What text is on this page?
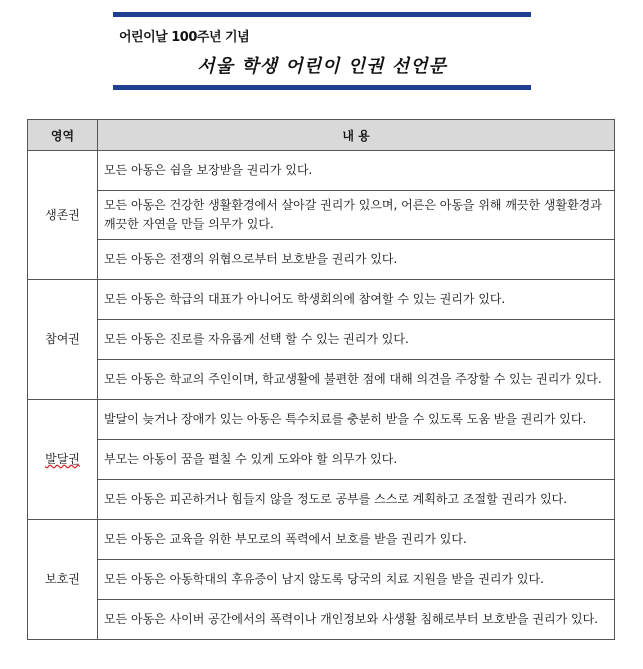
어린이날 100주년 기념
서울 학생 어린이 인권 선언문
영역	내 용
생존권	모든 아동은 쉼을 보장받을 권리가 있다.
	모든 아동은 건강한 생활환경에서 살아갈 권리가 있으며, 어른은 아동을 위해 깨끗한 생활환경과 깨끗한 자연을 만들 의무가 있다.
	모든 아동은 전쟁의 위협으로부터 보호받을 권리가 있다.
참여권	모든 아동은 학급의 대표가 아니어도 학생회의에 참여할 수 있는 권리가 있다.
	모든 아동은 진로를 자유롭게 선택 할 수 있는 권리가 있다.
	모든 아동은 학교의 주인이며, 학교생활에 불편한 점에 대해 의견을 주장할 수 있는 권리가 있다.
발달권	발달이 늦거나 장애가 있는 아동은 특수치료를 충분히 받을 수 있도록 도움 받을 권리가 있다.
	부모는 아동이 꿈을 펼칠 수 있게 도와야 할 의무가 있다.
	모든 아동은 피곤하거나 힘들지 않을 정도로 공부를 스스로 계획하고 조절할 권리가 있다.
보호권	모든 아동은 교육을 위한 부모로의 폭력에서 보호를 받을 권리가 있다.
	모든 아동은 아동학대의 후유증이 남지 않도록 당국의 치료 지원을 받을 권리가 있다.
	모든 아동은 사이버 공간에서의 폭력이나 개인정보와 사생활 침해로부터 보호받을 권리가 있다.
